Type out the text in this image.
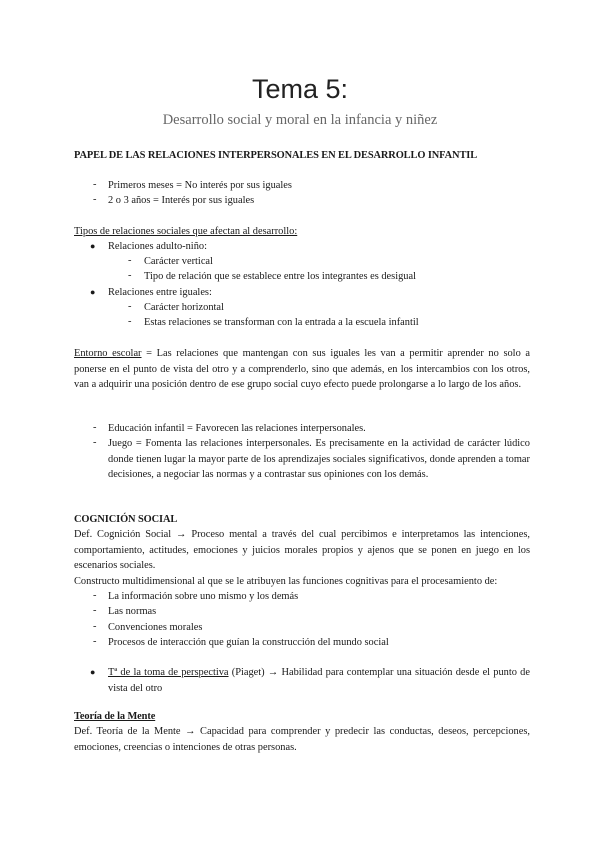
Tema 5:
Desarrollo social y moral en la infancia y niñez
PAPEL DE LAS RELACIONES INTERPERSONALES EN EL DESARROLLO INFANTIL
- Primeros meses = No interés por sus iguales
- 2 o 3 años = Interés por sus iguales
Tipos de relaciones sociales que afectan al desarrollo:
● Relaciones adulto-niño:
- Carácter vertical
- Tipo de relación que se establece entre los integrantes es desigual
● Relaciones entre iguales:
- Carácter horizontal
- Estas relaciones se transforman con la entrada a la escuela infantil
Entorno escolar = Las relaciones que mantengan con sus iguales les van a permitir aprender no solo a ponerse en el punto de vista del otro y a comprenderlo, sino que además, en los intercambios con los otros, van a adquirir una posición dentro de ese grupo social cuyo efecto puede prolongarse a lo largo de los años.
- Educación infantil = Favorecen las relaciones interpersonales.
- Juego = Fomenta las relaciones interpersonales. Es precisamente en la actividad de carácter lúdico donde tienen lugar la mayor parte de los aprendizajes sociales significativos, donde aprenden a tomar decisiones, a negociar las normas y a contrastar sus opiniones con los demás.
COGNICIÓN SOCIAL
Def. Cognición Social → Proceso mental a través del cual percibimos e interpretamos las intenciones, comportamiento, actitudes, emociones y juicios morales propios y ajenos que se ponen en juego en los escenarios sociales.
Constructo multidimensional al que se le atribuyen las funciones cognitivas para el procesamiento de:
- La información sobre uno mismo y los demás
- Las normas
- Convenciones morales
- Procesos de interacción que guían la construcción del mundo social
● Tª de la toma de perspectiva (Piaget) → Habilidad para contemplar una situación desde el punto de vista del otro
Teoría de la Mente
Def. Teoría de la Mente → Capacidad para comprender y predecir las conductas, deseos, percepciones, emociones, creencias o intenciones de otras personas.
